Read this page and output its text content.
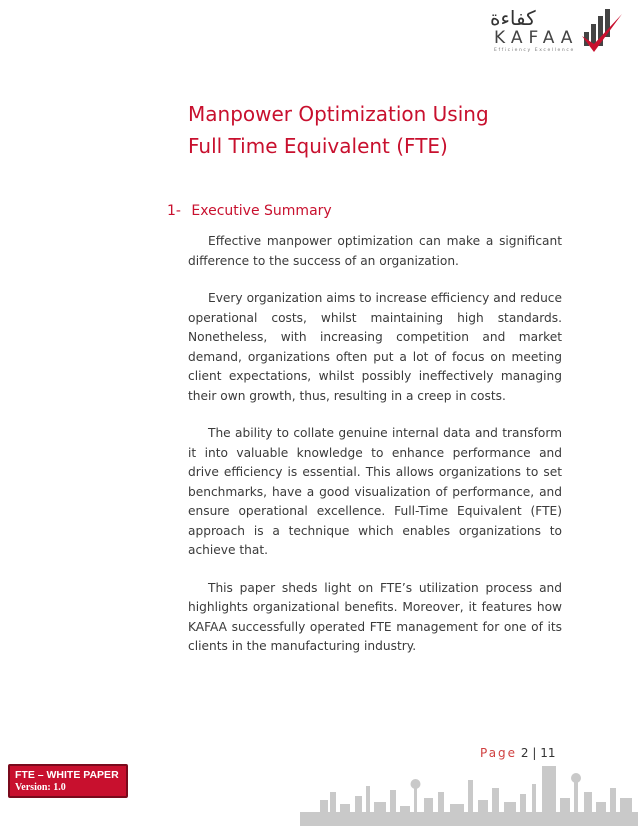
كفاءة
KAFAA
Efficiency Excellence
Manpower Optimization Using
Full Time Equivalent (FTE)
1- Executive Summary

Effective manpower optimization can make a significant difference to the success of an organization.

Every organization aims to increase efficiency and reduce operational costs, whilst maintaining high standards. Nonetheless, with increasing competition and market demand, organizations often put a lot of focus on meeting client expectations, whilst possibly ineffectively managing their own growth, thus, resulting in a creep in costs.

The ability to collate genuine internal data and transform it into valuable knowledge to enhance performance and drive efficiency is essential. This allows organizations to set benchmarks, have a good visualization of performance, and ensure operational excellence. Full-Time Equivalent (FTE) approach is a technique which enables organizations to achieve that.

This paper sheds light on FTE’s utilization process and highlights organizational benefits. Moreover, it features how KAFAA successfully operated FTE management for one of its clients in the manufacturing industry.

Page 2 | 11
FTE – WHITE PAPER
Version: 1.0
